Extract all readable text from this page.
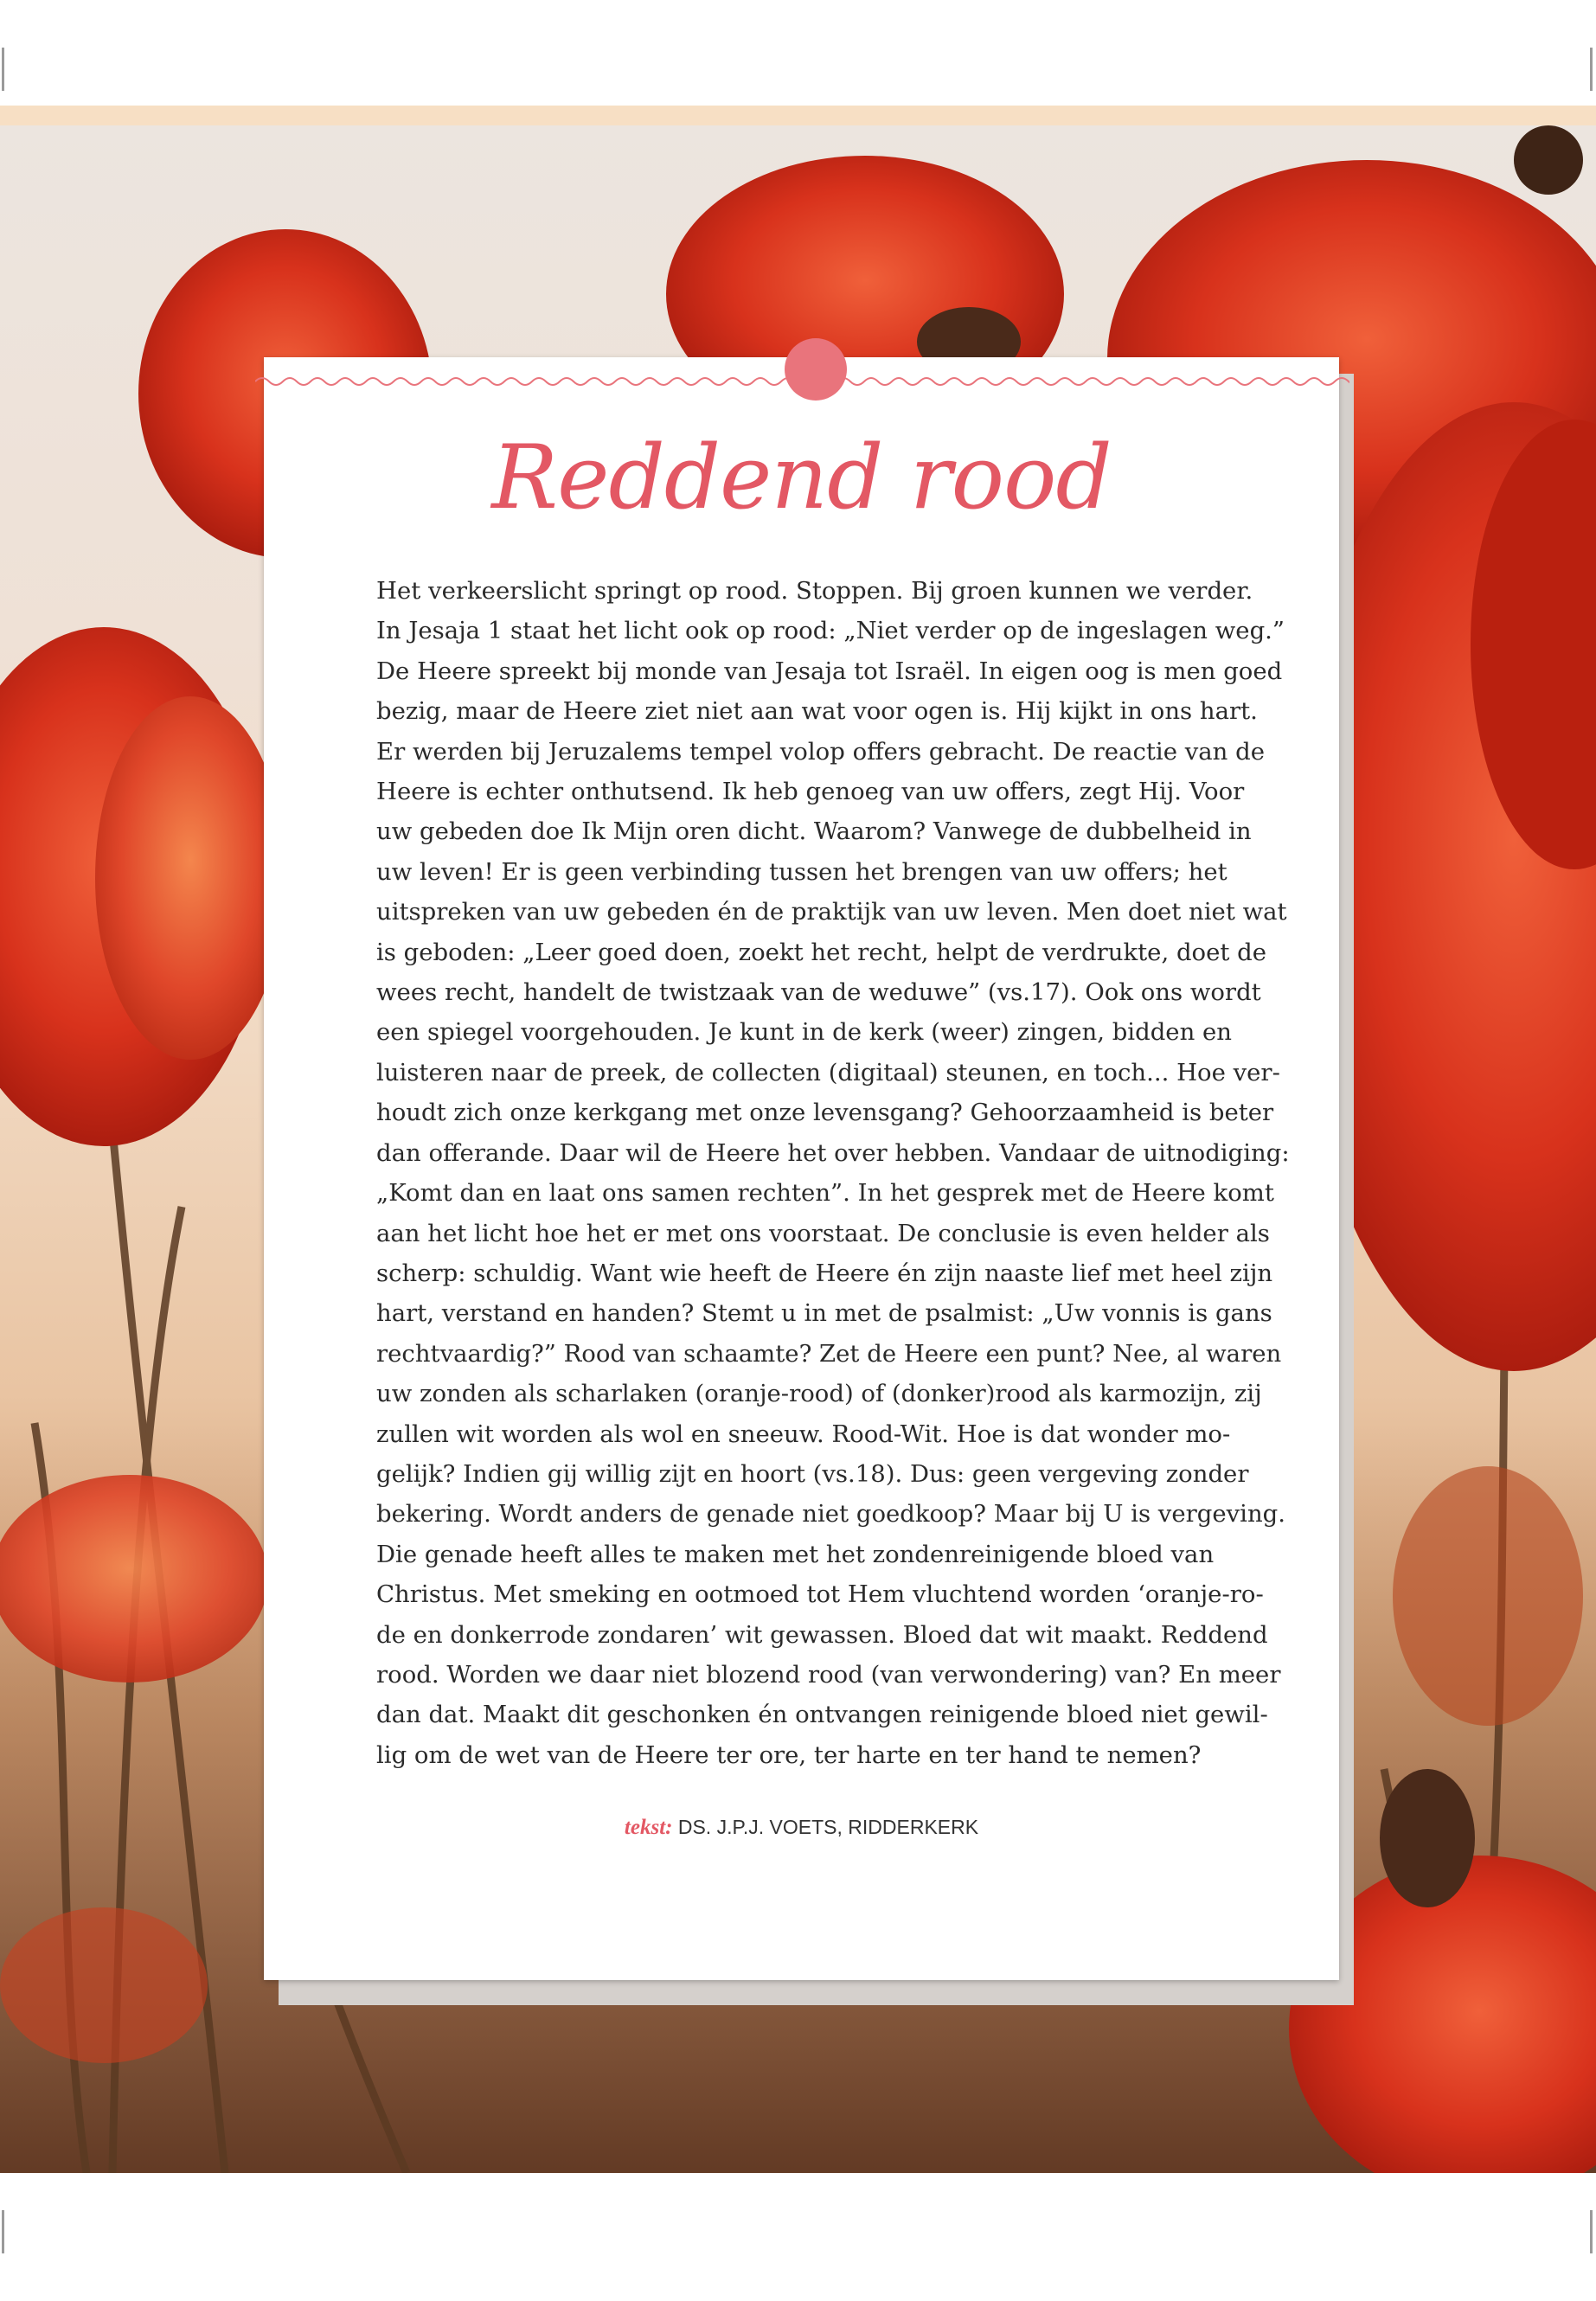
Reddend rood
Het verkeerslicht springt op rood. Stoppen. Bij groen kunnen we verder.
In Jesaja 1 staat het licht ook op rood: „Niet verder op de ingeslagen weg.”
De Heere spreekt bij monde van Jesaja tot Israël. In eigen oog is men goed
bezig, maar de Heere ziet niet aan wat voor ogen is. Hij kijkt in ons hart.
Er werden bij Jeruzalems tempel volop offers gebracht. De reactie van de
Heere is echter onthutsend. Ik heb genoeg van uw offers, zegt Hij. Voor
uw gebeden doe Ik Mijn oren dicht. Waarom? Vanwege de dubbelheid in
uw leven! Er is geen verbinding tussen het brengen van uw offers; het
uitspreken van uw gebeden én de praktijk van uw leven. Men doet niet wat
is geboden: „Leer goed doen, zoekt het recht, helpt de verdrukte, doet de
wees recht, handelt de twistzaak van de weduwe” (vs.17). Ook ons wordt
een spiegel voorgehouden. Je kunt in de kerk (weer) zingen, bidden en
luisteren naar de preek, de collecten (digitaal) steunen, en toch... Hoe ver-
houdt zich onze kerkgang met onze levensgang? Gehoorzaamheid is beter
dan offerande. Daar wil de Heere het over hebben. Vandaar de uitnodiging:
„Komt dan en laat ons samen rechten”. In het gesprek met de Heere komt
aan het licht hoe het er met ons voorstaat. De conclusie is even helder als
scherp: schuldig. Want wie heeft de Heere én zijn naaste lief met heel zijn
hart, verstand en handen? Stemt u in met de psalmist: „Uw vonnis is gans
rechtvaardig?” Rood van schaamte? Zet de Heere een punt? Nee, al waren
uw zonden als scharlaken (oranje-rood) of (donker)rood als karmozijn, zij
zullen wit worden als wol en sneeuw. Rood-Wit. Hoe is dat wonder mo-
gelijk? Indien gij willig zijt en hoort (vs.18). Dus: geen vergeving zonder
bekering. Wordt anders de genade niet goedkoop? Maar bij U is vergeving.
Die genade heeft alles te maken met het zondenreinigende bloed van
Christus. Met smeking en ootmoed tot Hem vluchtend worden ‘oranje-ro-
de en donkerrode zondaren’ wit gewassen. Bloed dat wit maakt. Reddend
rood. Worden we daar niet blozend rood (van verwondering) van? En meer
dan dat. Maakt dit geschonken én ontvangen reinigende bloed niet gewil-
lig om de wet van de Heere ter ore, ter harte en ter hand te nemen?
tekst: DS. J.P.J. VOETS, RIDDERKERK
